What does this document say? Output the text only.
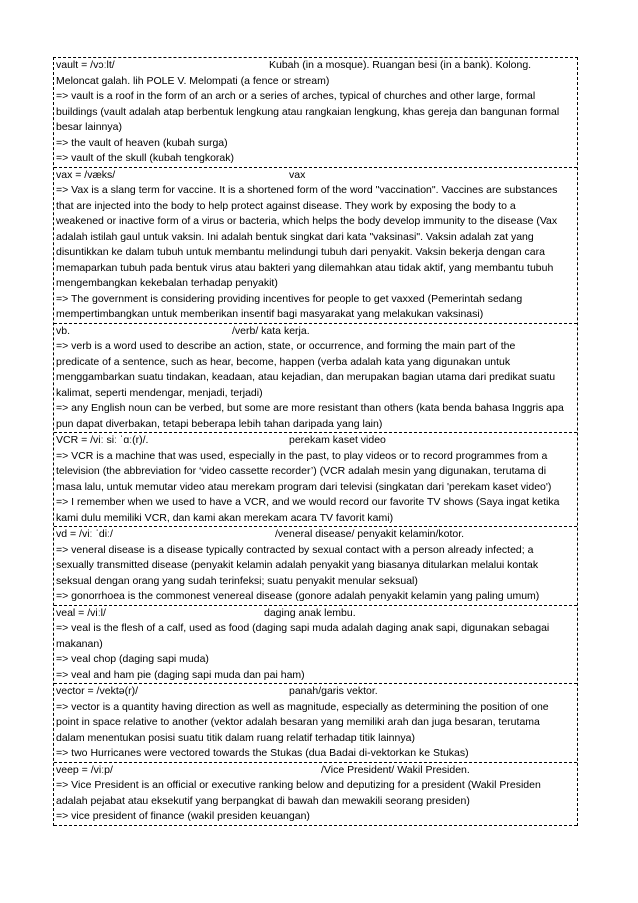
vault = /vɔːlt/	Kubah (in a mosque). Ruangan besi (in a bank). Kolong.
Meloncat galah. lih POLE V. Melompati (a fence or stream)
=> vault is a roof in the form of an arch or a series of arches, typical of churches and other large, formal
buildings (vault adalah atap berbentuk lengkung atau rangkaian lengkung, khas gereja dan bangunan formal
besar lainnya)
=> the vault of heaven (kubah surga)
=> vault of the skull (kubah tengkorak)
vax = /væks/	vax
=> Vax is a slang term for vaccine. It is a shortened form of the word "vaccination". Vaccines are substances
that are injected into the body to help protect against disease. They work by exposing the body to a
weakened or inactive form of a virus or bacteria, which helps the body develop immunity to the disease (Vax
adalah istilah gaul untuk vaksin. Ini adalah bentuk singkat dari kata "vaksinasi". Vaksin adalah zat yang
disuntikkan ke dalam tubuh untuk membantu melindungi tubuh dari penyakit. Vaksin bekerja dengan cara
memaparkan tubuh pada bentuk virus atau bakteri yang dilemahkan atau tidak aktif, yang membantu tubuh
mengembangkan kekebalan terhadap penyakit)
=> The government is considering providing incentives for people to get vaxxed (Pemerintah sedang
mempertimbangkan untuk memberikan insentif bagi masyarakat yang melakukan vaksinasi)
vb.	/verb/ kata kerja.
=> verb is a word used to describe an action, state, or occurrence, and forming the main part of the
predicate of a sentence, such as hear, become, happen (verba adalah kata yang digunakan untuk
menggambarkan suatu tindakan, keadaan, atau kejadian, dan merupakan bagian utama dari predikat suatu
kalimat, seperti mendengar, menjadi, terjadi)
=> any English noun can be verbed, but some are more resistant than others (kata benda bahasa Inggris apa
pun dapat diverbakan, tetapi beberapa lebih tahan daripada yang lain)
VCR = /viː siː ˈɑː(r)/.	perekam kaset video
=> VCR is a machine that was used, especially in the past, to play videos or to record programmes from a
television (the abbreviation for ‘video cassette recorder’) (VCR adalah mesin yang digunakan, terutama di
masa lalu, untuk memutar video atau merekam program dari televisi (singkatan dari 'perekam kaset video')
=> I remember when we used to have a VCR, and we would record our favorite TV shows (Saya ingat ketika
kami dulu memiliki VCR, dan kami akan merekam acara TV favorit kami)
vd = /viː ˈdiː/	/veneral disease/ penyakit kelamin/kotor.
=> veneral disease is a disease typically contracted by sexual contact with a person already infected; a
sexually transmitted disease (penyakit kelamin adalah penyakit yang biasanya ditularkan melalui kontak
seksual dengan orang yang sudah terinfeksi; suatu penyakit menular seksual)
=> gonorrhoea is the commonest venereal disease (gonore adalah penyakit kelamin yang paling umum)
veal = /viːl/	daging anak lembu.
=> veal is the flesh of a calf, used as food (daging sapi muda adalah daging anak sapi, digunakan sebagai
makanan)
=> veal chop (daging sapi muda)
=> veal and ham pie (daging sapi muda dan pai ham)
vector = /vektə(r)/	panah/garis vektor.
=> vector is a quantity having direction as well as magnitude, especially as determining the position of one
point in space relative to another (vektor adalah besaran yang memiliki arah dan juga besaran, terutama
dalam menentukan posisi suatu titik dalam ruang relatif terhadap titik lainnya)
=> two Hurricanes were vectored towards the Stukas (dua Badai di-vektorkan ke Stukas)
veep = /viːp/	/Vice President/ Wakil Presiden.
=> Vice President is an official or executive ranking below and deputizing for a president (Wakil Presiden
adalah pejabat atau eksekutif yang berpangkat di bawah dan mewakili seorang presiden)
=> vice president of finance (wakil presiden keuangan)
